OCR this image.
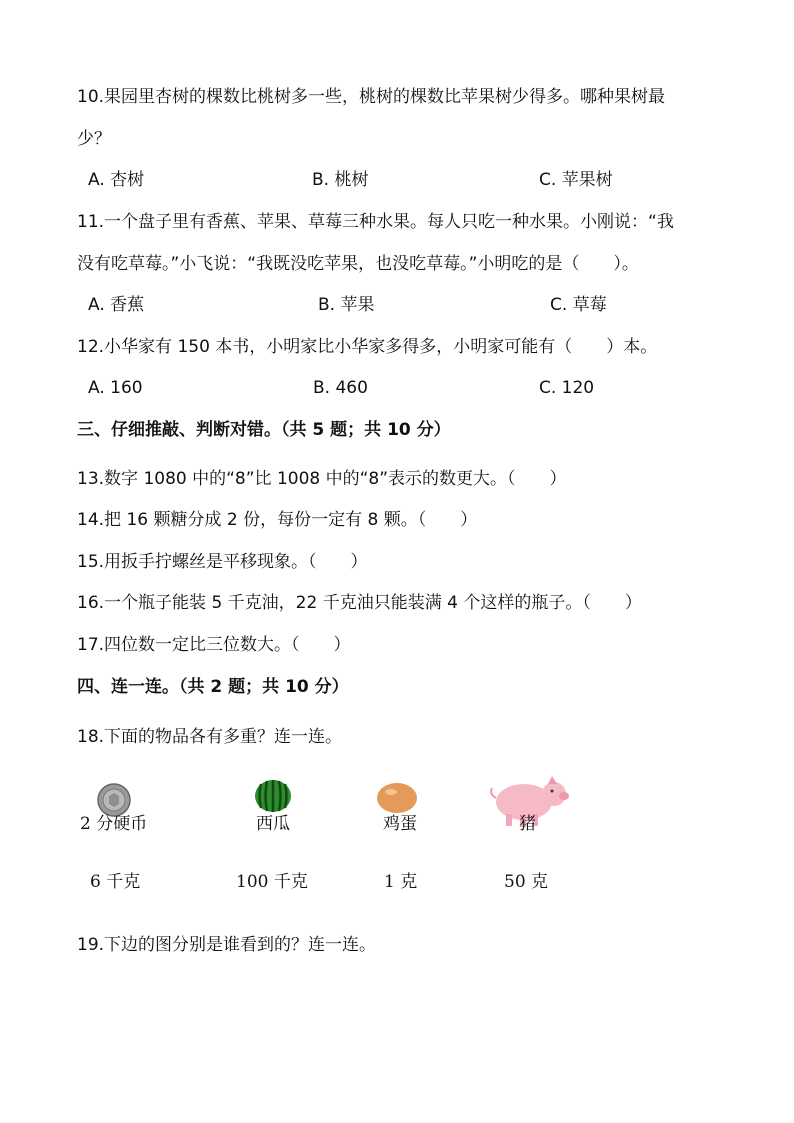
10.果园里杏树的棵数比桃树多一些，桃树的棵数比苹果树少得多。哪种果树最
少？
A. 杏树	B. 桃树	C. 苹果树
11.一个盘子里有香蕉、苹果、草莓三种水果。每人只吃一种水果。小刚说：“我
没有吃草莓。”小飞说：“我既没吃苹果，也没吃草莓。”小明吃的是（　　）。
A. 香蕉	B. 苹果	C. 草莓
12.小华家有 150 本书，小明家比小华家多得多，小明家可能有（　　）本。
A. 160	B. 460	C. 120
三、仔细推敲、判断对错。（共 5 题；共 10 分）
13.数字 1080 中的“8”比 1008 中的“8”表示的数更大。（　　）
14.把 16 颗糖分成 2 份，每份一定有 8 颗。（　　）
15.用扳手拧螺丝是平移现象。（　　）
16.一个瓶子能装 5 千克油，22 千克油只能装满 4 个这样的瓶子。（　　）
17.四位数一定比三位数大。（　　）
四、连一连。（共 2 题；共 10 分）
18.下面的物品各有多重？连一连。
2 分硬币	西瓜	鸡蛋	猪
6 千克	100 千克	1 克	50 克
19.下边的图分别是谁看到的？连一连。
